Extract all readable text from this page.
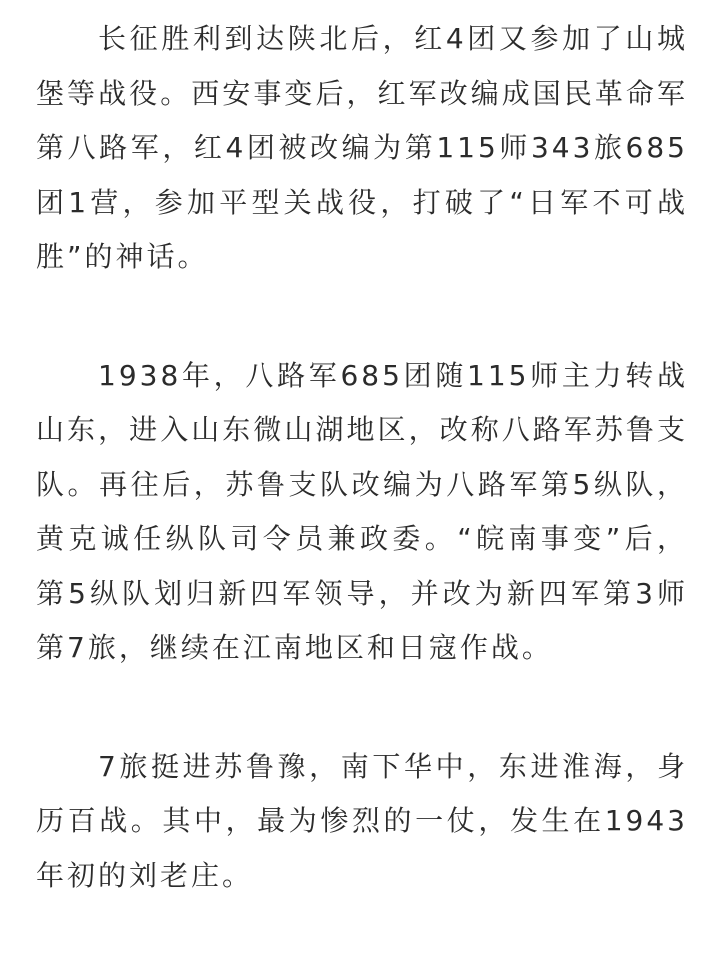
长征胜利到达陕北后，红4团又参加了山城堡等战役。西安事变后，红军改编成国民革命军第八路军，红4团被改编为第115师343旅685团1营，参加平型关战役，打破了“日军不可战胜”的神话。

1938年，八路军685团随115师主力转战山东，进入山东微山湖地区，改称八路军苏鲁支队。再往后，苏鲁支队改编为八路军第5纵队，黄克诚任纵队司令员兼政委。“皖南事变”后，第5纵队划归新四军领导，并改为新四军第3师第7旅，继续在江南地区和日寇作战。

7旅挺进苏鲁豫，南下华中，东进淮海，身历百战。其中，最为惨烈的一仗，发生在1943年初的刘老庄。
